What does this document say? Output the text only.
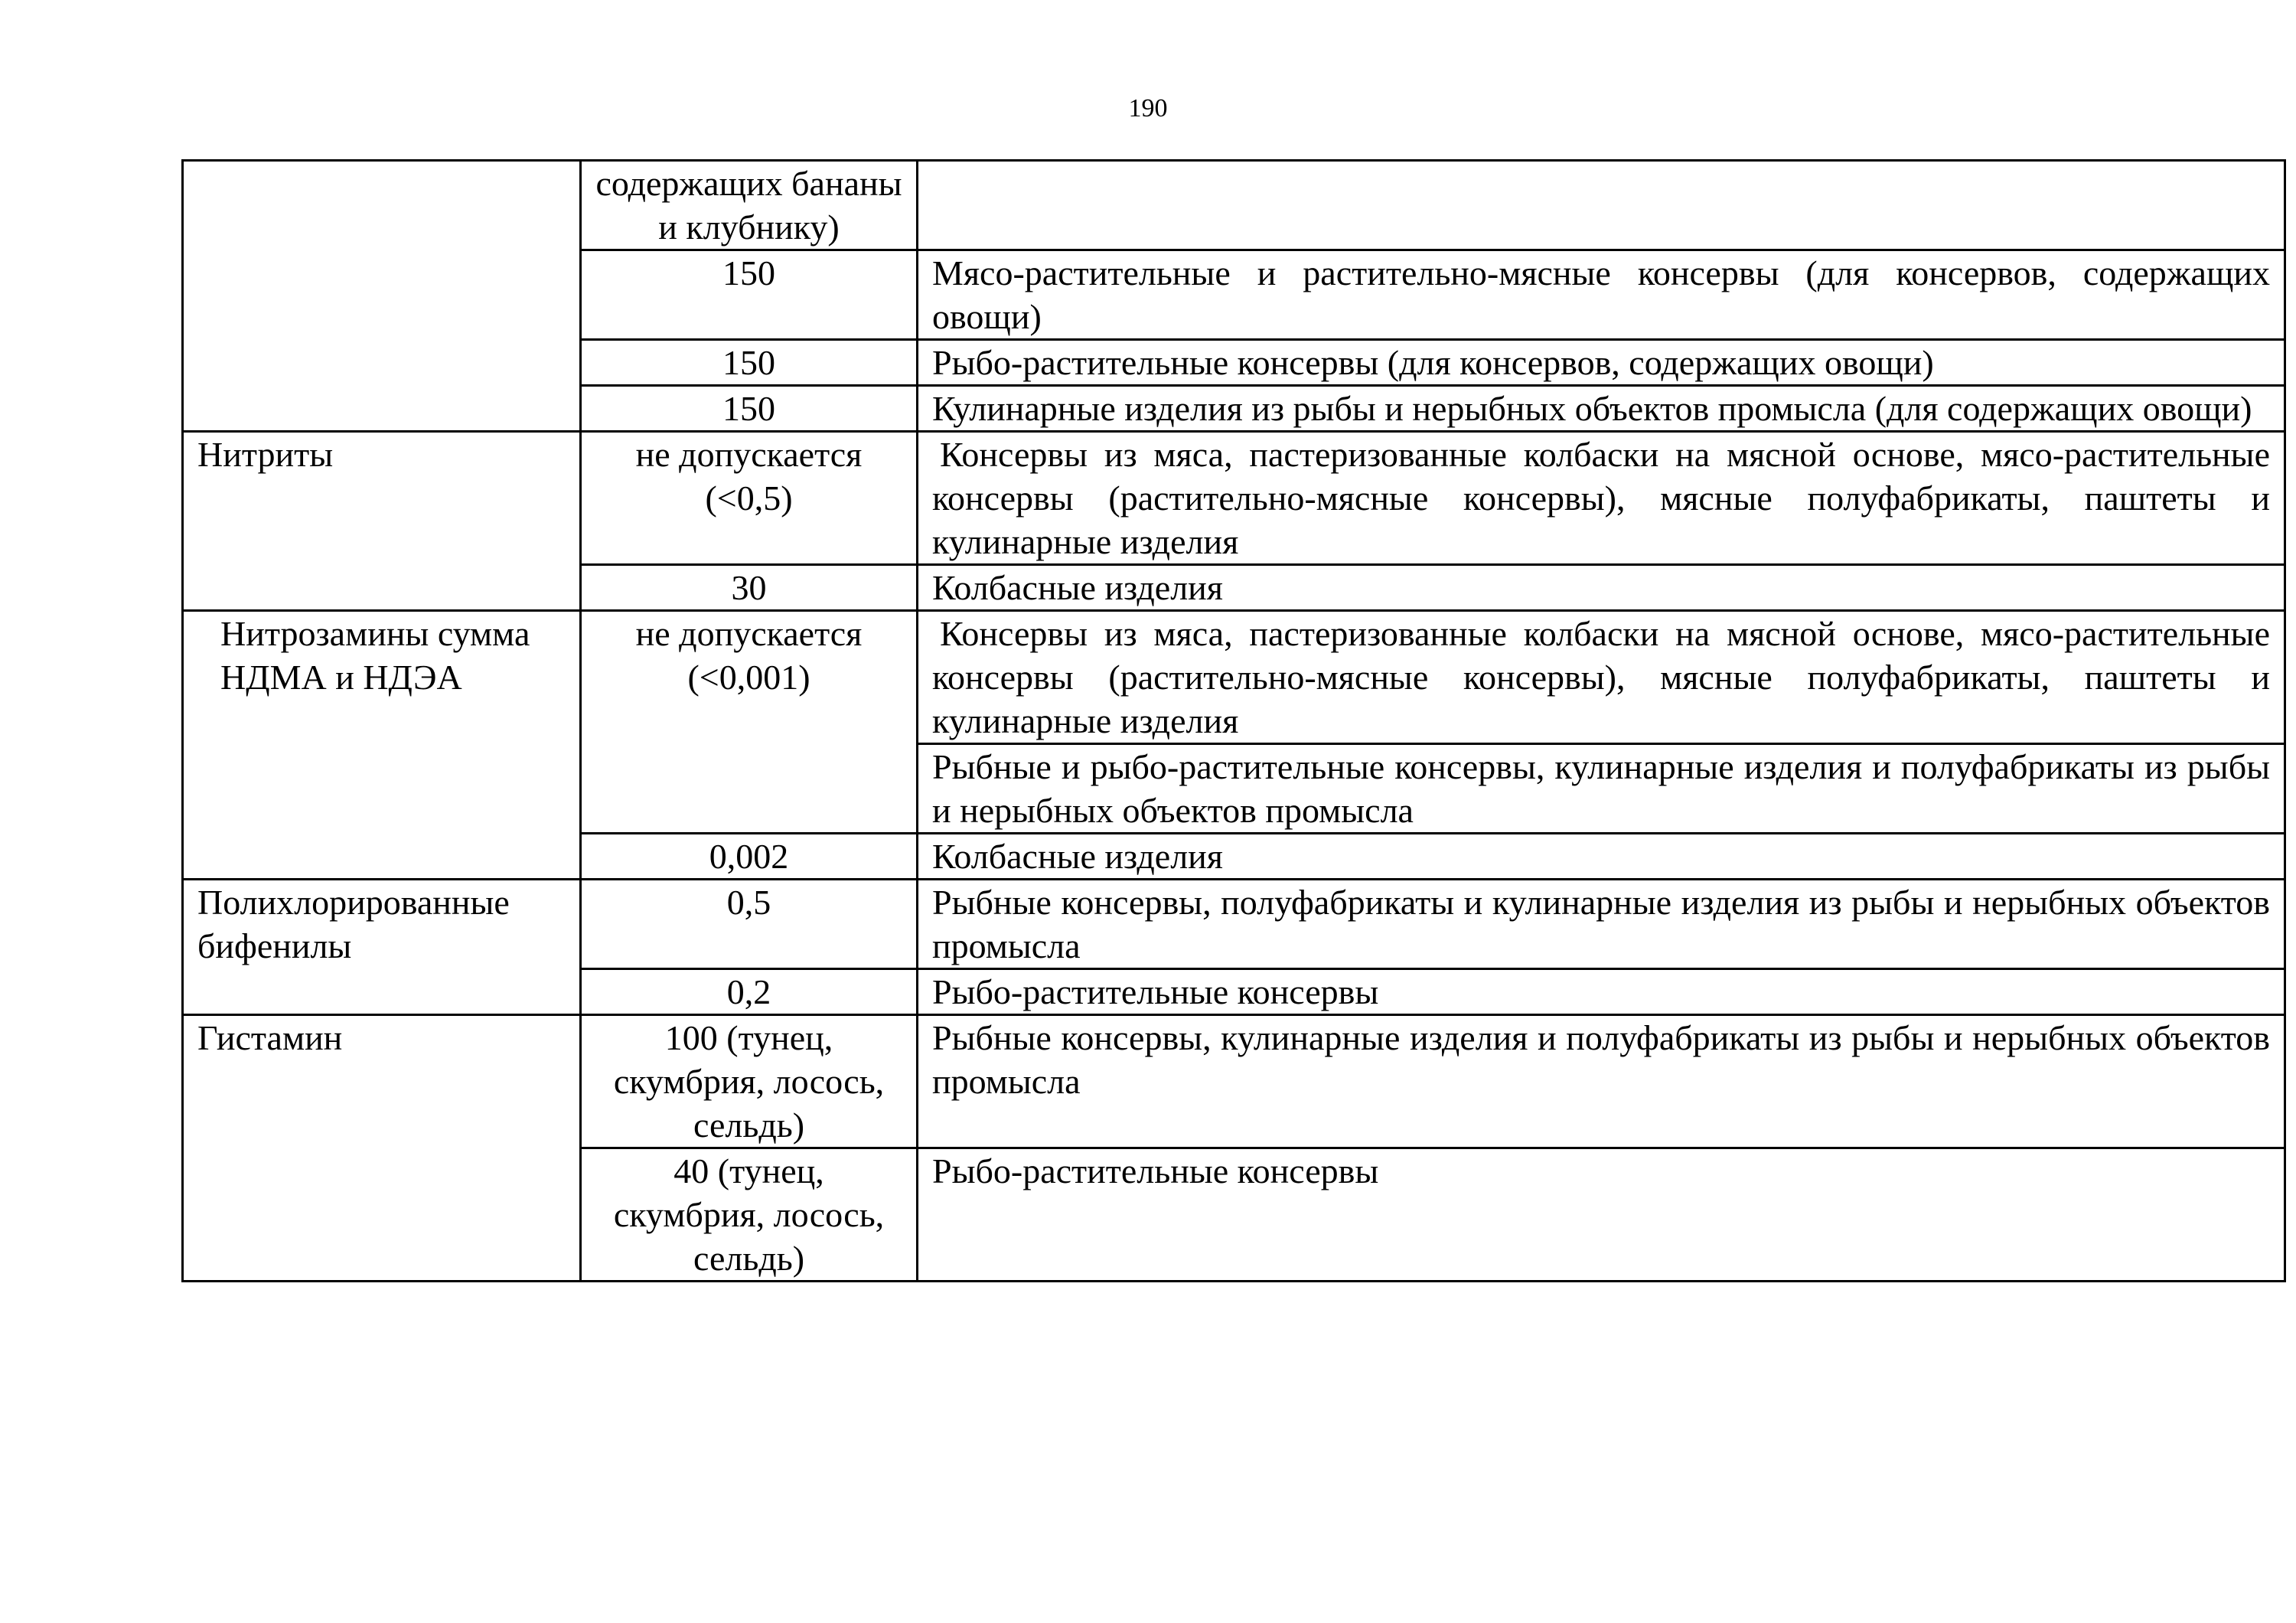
190
	содержащих бананы и клубнику)	
	150	Мясо-растительные и растительно-мясные консервы (для консервов, содержащих овощи)
	150	Рыбо-растительные консервы (для консервов, содержащих овощи)
	150	Кулинарные изделия из рыбы и нерыбных объектов промысла (для содержащих овощи)
Нитриты	не допускается (<0,5)	Консервы из мяса, пастеризованные колбаски на мясной основе, мясо-растительные консервы (растительно-мясные консервы), мясные полуфабрикаты, паштеты и кулинарные изделия
	30	Колбасные изделия
Нитрозамины сумма НДМА и НДЭА	не допускается (<0,001)	Консервы из мяса, пастеризованные колбаски на мясной основе, мясо-растительные консервы (растительно-мясные консервы), мясные полуфабрикаты, паштеты и кулинарные изделия
		Рыбные и рыбо-растительные консервы, кулинарные изделия и полуфабрикаты из рыбы и нерыбных объектов промысла
	0,002	Колбасные изделия
Полихлорированные бифенилы	0,5	Рыбные консервы, полуфабрикаты и кулинарные изделия из рыбы и нерыбных объектов промысла
	0,2	Рыбо-растительные консервы
Гистамин	100 (тунец, скумбрия, лосось, сельдь)	Рыбные консервы, кулинарные изделия и полуфабрикаты из рыбы и нерыбных объектов промысла
	40 (тунец, скумбрия, лосось, сельдь)	Рыбо-растительные консервы
